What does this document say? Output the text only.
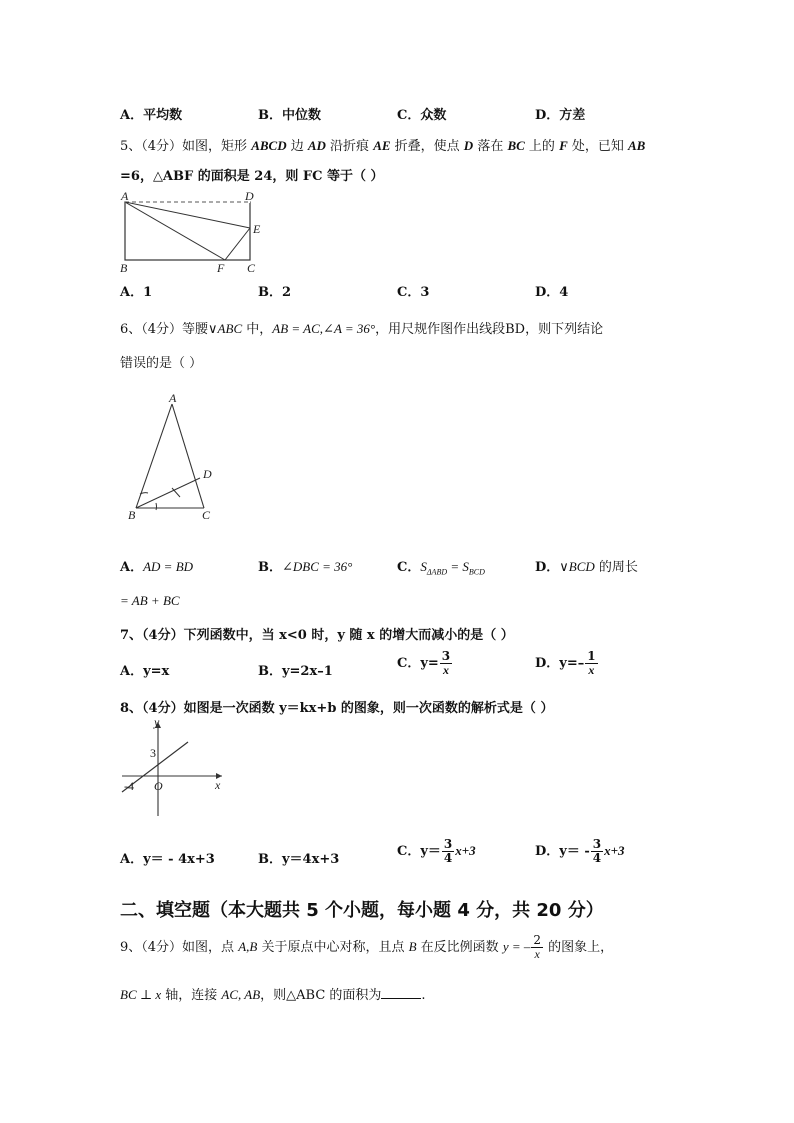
A．平均数	B．中位数	C．众数	D．方差
5、（4分）如图，矩形 ABCD 边 AD 沿折痕 AE 折叠，使点 D 落在 BC 上的 F 处，已知 AB
=6，△ABF 的面积是 24，则 FC 等于（ ）
A	D
E
B	F C
A．1	B．2	C．3	D．4
6、（4分）等腰∨ABC 中，AB = AC,∠A = 36°，用尺规作图作出线段BD，则下列结论
错误的是（ ）
A
D
B	C
A．AD = BD	B．∠DBC = 36°	C．$S_{\Delta ABD} = S_{BCD}$	D．∨BCD 的周长
= AB + BC
7、（4分）下列函数中，当 x<0 时，y 随 x 的增大而减小的是（ ）
A．y=x	B．y=2x–1
C．$y= \frac{3}{x}$	D．$y=- \frac{1}{x}$
8、（4分）如图是一次函数 y＝kx+b 的图象，则一次函数的解析式是（ ）
y
x
O
3
-4
A．y＝ - 4x+3	B．y＝4x+3
C．$y= \frac{3}{4} x+3$	D．$y= - \frac{3}{4} x+3$
二、填空题（本大题共 5 个小题，每小题 4 分，共 20 分）
9、（4分）如图，点 A,B 关于原点中心对称，且点 B 在反比例函数 y = – $\frac{2}{x}$ 的图象上，
BC ⊥ x 轴，连接 AC, AB，则△ABC 的面积为	.
